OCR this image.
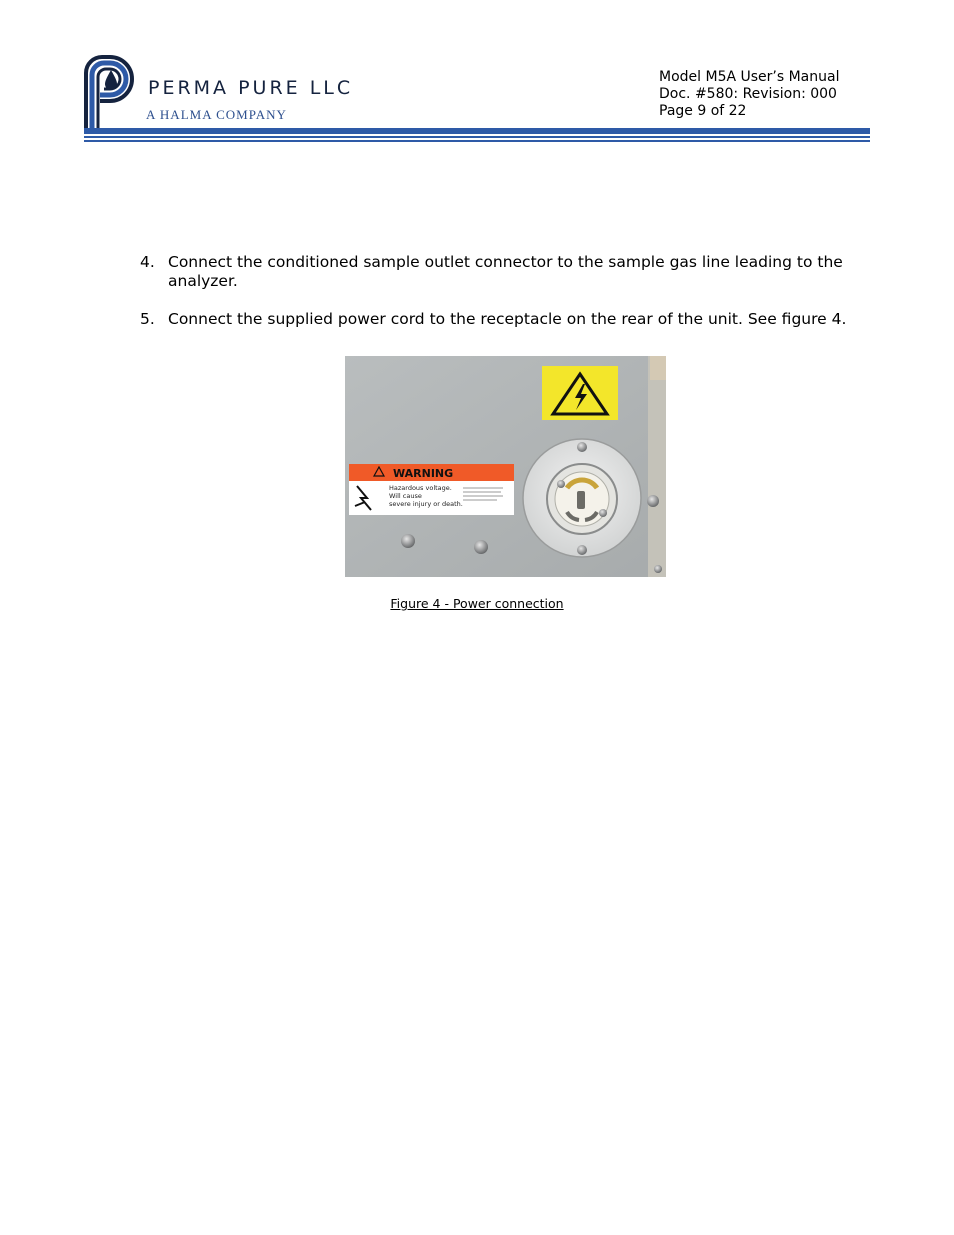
PERMA PURE LLC
A HALMA COMPANY
Model M5A User’s Manual
Doc. #580: Revision: 000
Page 9 of 22
4. Connect the conditioned sample outlet connector to the sample gas line leading to the analyzer.
5. Connect the supplied power cord to the receptacle on the rear of the unit. See figure 4.
WARNING
Hazardous voltage.
Will cause
severe injury or death.
Figure 4 - Power connection
